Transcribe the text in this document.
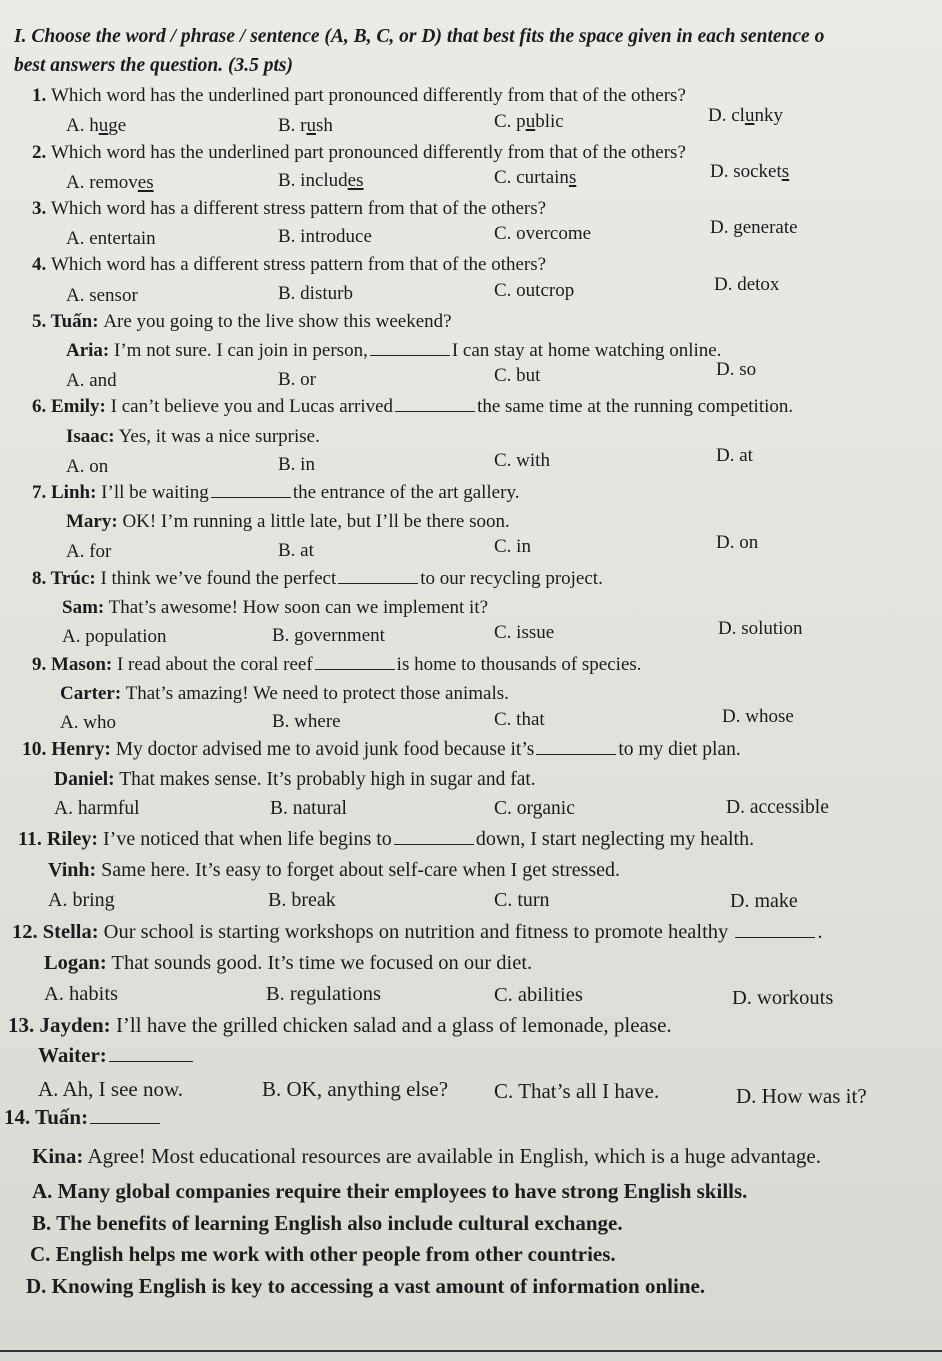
I. Choose the word / phrase / sentence (A, B, C, or D) that best fits the space given in each sentence o
best answers the question. (3.5 pts)
1. Which word has the underlined part pronounced differently from that of the others?
A. huge	B. rush	C. public	D. clunky
2. Which word has the underlined part pronounced differently from that of the others?
A. removes	B. includes	C. curtains	D. sockets
3. Which word has a different stress pattern from that of the others?
A. entertain	B. introduce	C. overcome	D. generate
4. Which word has a different stress pattern from that of the others?
A. sensor	B. disturb	C. outcrop	D. detox
5. Tuấn: Are you going to the live show this weekend?
Aria: I’m not sure. I can join in person,	I can stay at home watching online.
A. and	B. or	C. but	D. so
6. Emily: I can’t believe you and Lucas arrived	the same time at the running competition.
Isaac: Yes, it was a nice surprise.
A. on	B. in	C. with	D. at
7. Linh: I’ll be waiting	the entrance of the art gallery.
Mary: OK! I’m running a little late, but I’ll be there soon.
A. for	B. at	C. in	D. on
8. Trúc: I think we’ve found the perfect	to our recycling project.
Sam: That’s awesome! How soon can we implement it?
A. population	B. government	C. issue	D. solution
9. Mason: I read about the coral reef	is home to thousands of species.
Carter: That’s amazing! We need to protect those animals.
A. who	B. where	C. that	D. whose
10. Henry: My doctor advised me to avoid junk food because it’s	to my diet plan.
Daniel: That makes sense. It’s probably high in sugar and fat.
A. harmful	B. natural	C. organic	D. accessible
11. Riley: I’ve noticed that when life begins to	down, I start neglecting my health.
Vinh: Same here. It’s easy to forget about self-care when I get stressed.
A. bring	B. break	C. turn	D. make
12. Stella: Our school is starting workshops on nutrition and fitness to promote healthy	.
Logan: That sounds good. It’s time we focused on our diet.
A. habits	B. regulations	C. abilities	D. workouts
13. Jayden: I’ll have the grilled chicken salad and a glass of lemonade, please.
Waiter:
A. Ah, I see now.	B. OK, anything else? C. That’s all I have.	D. How was it?
14. Tuấn:
Kina: Agree! Most educational resources are available in English, which is a huge advantage.
A. Many global companies require their employees to have strong English skills.
B. The benefits of learning English also include cultural exchange.
C. English helps me work with other people from other countries.
D. Knowing English is key to accessing a vast amount of information online.
